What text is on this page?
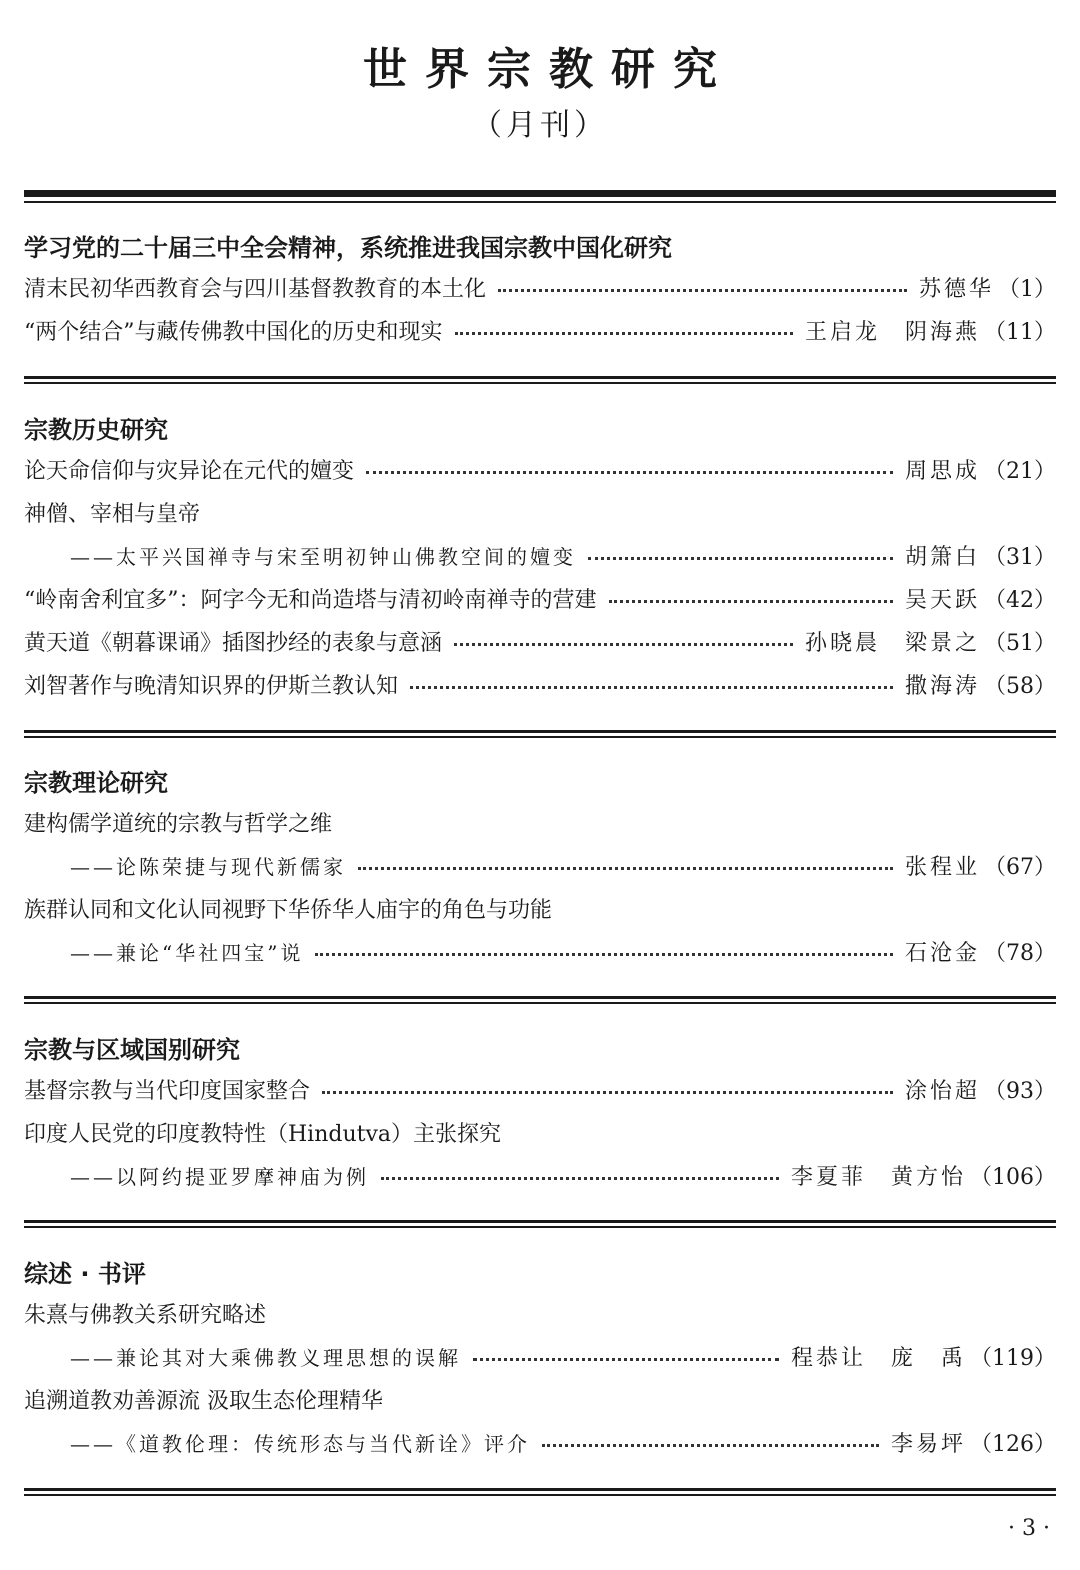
世界宗教研究
（月刊）
学习党的二十届三中全会精神，系统推进我国宗教中国化研究
清末民初华西教育会与四川基督教教育的本土化	苏德华 （1）
“两个结合”与藏传佛教中国化的历史和现实	王启龙　阴海燕 （11）
宗教历史研究
论天命信仰与灾异论在元代的嬗变	周思成 （21）
神僧、宰相与皇帝
——太平兴国禅寺与宋至明初钟山佛教空间的嬗变	胡箫白 （31）
“岭南舍利宜多”：阿字今无和尚造塔与清初岭南禅寺的营建	吴天跃 （42）
黄天道《朝暮课诵》插图抄经的表象与意涵	孙晓晨　梁景之 （51）
刘智著作与晚清知识界的伊斯兰教认知	撒海涛 （58）
宗教理论研究
建构儒学道统的宗教与哲学之维
——论陈荣捷与现代新儒家	张程业 （67）
族群认同和文化认同视野下华侨华人庙宇的角色与功能
——兼论“华社四宝”说	石沧金 （78）
宗教与区域国别研究
基督宗教与当代印度国家整合	涂怡超 （93）
印度人民党的印度教特性（Hindutva）主张探究
——以阿约提亚罗摩神庙为例	李夏菲　黄方怡 （106）
综述 · 书评
朱熹与佛教关系研究略述
——兼论其对大乘佛教义理思想的误解	程恭让　庞　禹 （119）
追溯道教劝善源流 汲取生态伦理精华
——《道教伦理：传统形态与当代新诠》评介	李易坪 （126）
· 3 ·
